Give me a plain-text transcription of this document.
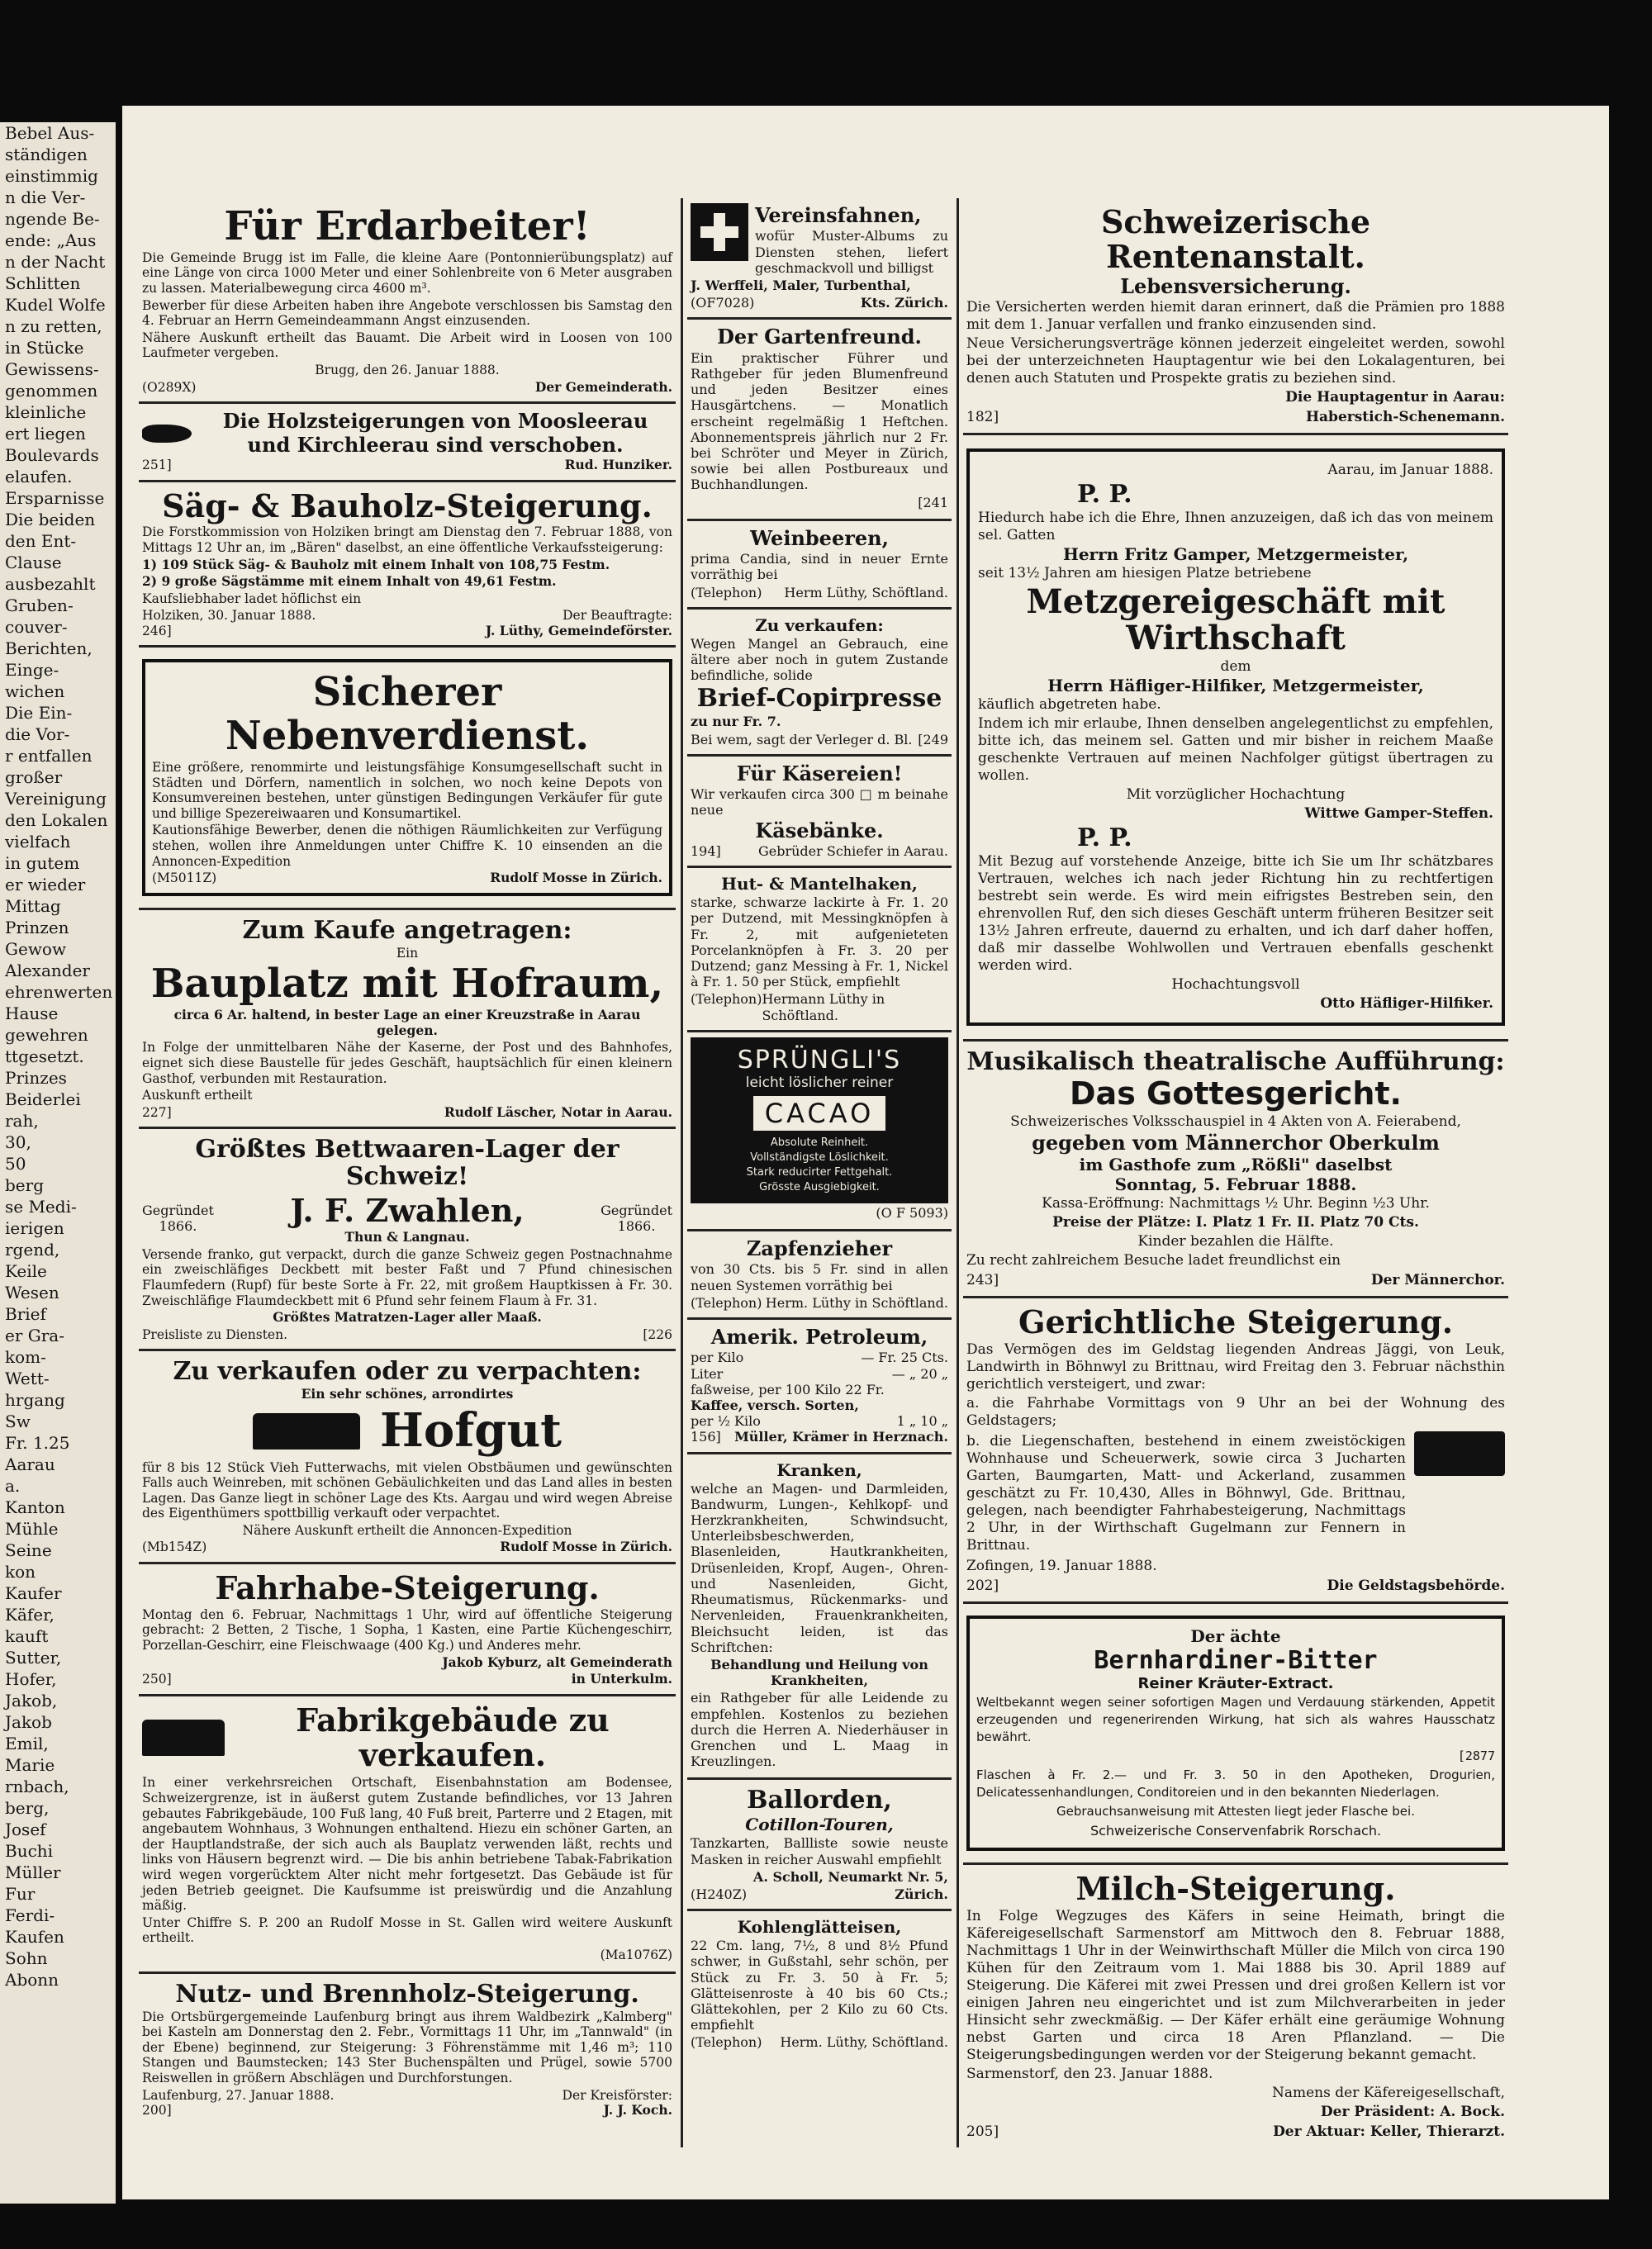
Bebel Aus-
ständigen
einstimmig
n die Ver-
ngende Be-
ende: „Aus
n der Nacht
Schlitten
Kudel Wolfe
n zu retten,
in Stücke
Gewissens-
genommen
kleinliche
ert liegen
Boulevards
elaufen.
Ersparnisse
Die beiden
den Ent-
Clause
ausbezahlt
Gruben-
couver-
Berichten,
Einge-
wichen
Die Ein-
die Vor-
r entfallen
großer
Vereinigung
den Lokalen
vielfach
in gutem
er wieder
Mittag
Prinzen
Gewow
Alexander
ehrenwerten
Hause
gewehren
ttgesetzt.
Prinzes
Beiderlei
rah,
30,
50
berg
se Medi-
ierigen
rgend,
Keile
Wesen
Brief
er Gra-
kom-
Wett-
hrgang
Sw
Fr. 1.25
Aarau
a.
Kanton
Mühle
Seine
kon
Kaufer
Käfer,
kauft
Sutter,
Hofer,
Jakob,
Jakob
Emil,
Marie
rnbach,
berg,
Josef
Buchi
Müller
Fur
Ferdi-
Kaufen
Sohn
Abonn
Für Erdarbeiter!

Die Gemeinde Brugg ist im Falle, die kleine Aare (Pontonnierübungsplatz) auf eine Länge von circa 1000 Meter und einer Sohlenbreite von 6 Meter ausgraben zu lassen. Materialbewegung circa 4600 m³.

Bewerber für diese Arbeiten haben ihre Angebote verschlossen bis Samstag den 4. Februar an Herrn Gemeindeammann Angst einzusenden.

Nähere Auskunft ertheilt das Bauamt. Die Arbeit wird in Loosen von 100 Laufmeter vergeben.

Brugg, den 26. Januar 1888.

(O289X)	Der Gemeinderath.
Die Holzsteigerungen von Moosleerau
und Kirchleerau sind verschoben.
251]	Rud. Hunziker.
Säg- & Bauholz-Steigerung.

Die Forstkommission von Holziken bringt am Dienstag den 7. Februar 1888, von Mittags 12 Uhr an, im „Bären" daselbst, an eine öffentliche Verkaufssteigerung:

1) 109 Stück Säg- & Bauholz mit einem Inhalt von 108,75 Festm.

2) 9 große Sägstämme mit einem Inhalt von 49,61 Festm.

Kaufsliebhaber ladet höflichst ein

Holziken, 30. Januar 1888.	Der Beauftragte:
246]	J. Lüthy, Gemeindeförster.
Sicherer Nebenverdienst.

Eine größere, renommirte und leistungsfähige Konsumgesellschaft sucht in Städten und Dörfern, namentlich in solchen, wo noch keine Depots von Konsumvereinen bestehen, unter günstigen Bedingungen Verkäufer für gute und billige Spezereiwaaren und Konsumartikel.

Kautionsfähige Bewerber, denen die nöthigen Räumlichkeiten zur Verfügung stehen, wollen ihre Anmeldungen unter Chiffre K. 10 einsenden an die Annoncen-Expedition

(M5011Z)	Rudolf Mosse in Zürich.
Zum Kaufe angetragen:

Ein

Bauplatz mit Hofraum,

circa 6 Ar. haltend, in bester Lage an einer Kreuzstraße in Aarau gelegen.

In Folge der unmittelbaren Nähe der Kaserne, der Post und des Bahnhofes, eignet sich diese Baustelle für jedes Geschäft, hauptsächlich für einen kleinern Gasthof, verbunden mit Restauration.

Auskunft ertheilt

227]	Rudolf Läscher, Notar in Aarau.
Größtes Bettwaaren-Lager der Schweiz!
Gegründet
1866.	J. F. Zwahlen,
Thun & Langnau.
Gegründet
1866.

Versende franko, gut verpackt, durch die ganze Schweiz gegen Postnachnahme ein zweischläfiges Deckbett mit bester Faßt und 7 Pfund chinesischen Flaumfedern (Rupf) für beste Sorte à Fr. 22, mit großem Hauptkissen à Fr. 30. Zweischläfige Flaumdeckbett mit 6 Pfund sehr feinem Flaum à Fr. 31.

Größtes Matratzen-Lager aller Maaß.

Preisliste zu Diensten.	[226
Zu verkaufen oder zu verpachten:

Ein sehr schönes, arrondirtes

Hofgut

für 8 bis 12 Stück Vieh Futterwachs, mit vielen Obstbäumen und gewünschten Falls auch Weinreben, mit schönen Gebäulichkeiten und das Land alles in besten Lagen. Das Ganze liegt in schöner Lage des Kts. Aargau und wird wegen Abreise des Eigenthümers spottbillig verkauft oder verpachtet.

Nähere Auskunft ertheilt die Annoncen-Expedition

(Mb154Z)	Rudolf Mosse in Zürich.
Fahrhabe-Steigerung.

Montag den 6. Februar, Nachmittags 1 Uhr, wird auf öffentliche Steigerung gebracht: 2 Betten, 2 Tische, 1 Sopha, 1 Kasten, eine Partie Küchengeschirr, Porzellan-Geschirr, eine Fleischwaage (400 Kg.) und Anderes mehr.

Jakob Kyburz, alt Gemeinderath

250]	in Unterkulm.
Fabrikgebäude zu verkaufen.

In einer verkehrsreichen Ortschaft, Eisenbahnstation am Bodensee, Schweizergrenze, ist in äußerst gutem Zustande befindliches, vor 13 Jahren gebautes Fabrikgebäude, 100 Fuß lang, 40 Fuß breit, Parterre und 2 Etagen, mit angebautem Wohnhaus, 3 Wohnungen enthaltend. Hiezu ein schöner Garten, an der Hauptlandstraße, der sich auch als Bauplatz verwenden läßt, rechts und links von Häusern begrenzt wird. — Die bis anhin betriebene Tabak-Fabrikation wird wegen vorgerücktem Alter nicht mehr fortgesetzt. Das Gebäude ist für jeden Betrieb geeignet. Die Kaufsumme ist preiswürdig und die Anzahlung mäßig.

Unter Chiffre S. P. 200 an Rudolf Mosse in St. Gallen wird weitere Auskunft ertheilt.

(Ma1076Z)

Nutz- und Brennholz-Steigerung.

Die Ortsbürgergemeinde Laufenburg bringt aus ihrem Waldbezirk „Kalmberg" bei Kasteln am Donnerstag den 2. Febr., Vormittags 11 Uhr, im „Tannwald" (in der Ebene) beginnend, zur Steigerung: 3 Föhrenstämme mit 1,46 m³; 110 Stangen und Baumstecken; 143 Ster Buchenspälten und Prügel, sowie 5700 Reiswellen in größern Abschlägen und Durchforstungen.

Laufenburg, 27. Januar 1888.	Der Kreisförster:
200]	J. J. Koch.
Vereinsfahnen,

wofür Muster-Albums zu Diensten stehen, liefert geschmackvoll und billigst

J. Werffeli, Maler, Turbenthal,

(OF7028)	Kts. Zürich.
Der Gartenfreund.

Ein praktischer Führer und Rathgeber für jeden Blumenfreund und jeden Besitzer eines Hausgärtchens. — Monatlich erscheint regelmäßig 1 Heftchen. Abonnementspreis jährlich nur 2 Fr. bei Schröter und Meyer in Zürich, sowie bei allen Postbureaux und Buchhandlungen.

[241

Weinbeeren,

prima Candia, sind in neuer Ernte vorräthig bei

(Telephon) Herm Lüthy, Schöftland.
Zu verkaufen:

Wegen Mangel an Gebrauch, eine ältere aber noch in gutem Zustande befindliche, solide

Brief-Copirpresse

zu nur Fr. 7.

Bei wem, sagt der Verleger d. Bl. [249
Für Käsereien!

Wir verkaufen circa 300 □ m beinahe neue

Käsebänke.
194]	Gebrüder Schiefer in Aarau.
Hut- & Mantelhaken,

starke, schwarze lackirte à Fr. 1. 20 per Dutzend, mit Messingknöpfen à Fr. 2, mit aufgenieteten Porcelanknöpfen à Fr. 3. 20 per Dutzend; ganz Messing à Fr. 1, Nickel à Fr. 1. 50 per Stück, empfiehlt

(Telephon) Hermann Lüthy in Schöftland.
SPRÜNGLI'S
leicht löslicher reiner
CACAO
Absolute Reinheit.
Vollständigste Löslichkeit.
Stark reducirter Fettgehalt.
Grösste Ausgiebigkeit.

(O F 5093)

Zapfenzieher

von 30 Cts. bis 5 Fr. sind in allen neuen Systemen vorräthig bei

(Telephon) Herm. Lüthy in Schöftland.
Amerik. Petroleum,
per Kilo	— Fr. 25 Cts.
Liter	— „ 20 „
faßweise, per 100 Kilo 22 Fr.
Kaffee, versch. Sorten,
per ½ Kilo	1 „ 10 „
156] Müller, Krämer in Herznach.
Kranken,

welche an Magen- und Darmleiden, Bandwurm, Lungen-, Kehlkopf- und Herzkrankheiten, Schwindsucht, Unterleibsbeschwerden, Blasenleiden, Hautkrankheiten, Drüsenleiden, Kropf, Augen-, Ohren- und Nasenleiden, Gicht, Rheumatismus, Rückenmarks- und Nervenleiden, Frauenkrankheiten, Bleichsucht leiden, ist das Schriftchen:

Behandlung und Heilung von Krankheiten,

ein Rathgeber für alle Leidende zu empfehlen. Kostenlos zu beziehen durch die Herren A. Niederhäuser in Grenchen und L. Maag in Kreuzlingen.

Ballorden,
Cotillon-Touren,

Tanzkarten, Ballliste sowie neuste Masken in reicher Auswahl empfiehlt

A. Scholl, Neumarkt Nr. 5,

(H240Z)	Zürich.
Kohlenglätteisen,

22 Cm. lang, 7½, 8 und 8½ Pfund schwer, in Gußstahl, sehr schön, per Stück zu Fr. 3. 50 à Fr. 5; Glätteisenroste à 40 bis 60 Cts.; Glättekohlen, per 2 Kilo zu 60 Cts. empfiehlt

(Telephon) Herm. Lüthy, Schöftland.
Schweizerische Rentenanstalt.
Lebensversicherung.

Die Versicherten werden hiemit daran erinnert, daß die Prämien pro 1888 mit dem 1. Januar verfallen und franko einzusenden sind.

Neue Versicherungsverträge können jederzeit eingeleitet werden, sowohl bei der unterzeichneten Hauptagentur wie bei den Lokalagenturen, bei denen auch Statuten und Prospekte gratis zu beziehen sind.

Die Hauptagentur in Aarau:

182]	Haberstich-Schenemann.

Aarau, im Januar 1888.

P. P.

Hiedurch habe ich die Ehre, Ihnen anzuzeigen, daß ich das von meinem sel. Gatten

Herrn Fritz Gamper, Metzgermeister,

seit 13½ Jahren am hiesigen Platze betriebene

Metzgereigeschäft mit Wirthschaft

dem

Herrn Häfliger-Hilfiker, Metzgermeister,

käuflich abgetreten habe.

Indem ich mir erlaube, Ihnen denselben angelegentlichst zu empfehlen, bitte ich, das meinem sel. Gatten und mir bisher in reichem Maaße geschenkte Vertrauen auf meinen Nachfolger gütigst übertragen zu wollen.

Mit vorzüglicher Hochachtung

Wittwe Gamper-Steffen.

P. P.

Mit Bezug auf vorstehende Anzeige, bitte ich Sie um Ihr schätzbares Vertrauen, welches ich nach jeder Richtung hin zu rechtfertigen bestrebt sein werde. Es wird mein eifrigstes Bestreben sein, den ehrenvollen Ruf, den sich dieses Geschäft unterm früheren Besitzer seit 13½ Jahren erfreute, dauernd zu erhalten, und ich darf daher hoffen, daß mir dasselbe Wohlwollen und Vertrauen ebenfalls geschenkt werden wird.

Hochachtungsvoll

Otto Häfliger-Hilfiker.

Musikalisch theatralische Aufführung:
Das Gottesgericht.

Schweizerisches Volksschauspiel in 4 Akten von A. Feierabend,

gegeben vom Männerchor Oberkulm
im Gasthofe zum „Rößli" daselbst
Sonntag, 5. Februar 1888.

Kassa-Eröffnung: Nachmittags ½ Uhr. Beginn ½3 Uhr.

Preise der Plätze: I. Platz 1 Fr. II. Platz 70 Cts.

Kinder bezahlen die Hälfte.

Zu recht zahlreichem Besuche ladet freundlichst ein

243]	Der Männerchor.
Gerichtliche Steigerung.

Das Vermögen des im Geldstag liegenden Andreas Jäggi, von Leuk, Landwirth in Böhnwyl zu Brittnau, wird Freitag den 3. Februar nächsthin gerichtlich versteigert, und zwar:

a. die Fahrhabe Vormittags von 9 Uhr an bei der Wohnung des Geldstagers;

b. die Liegenschaften, bestehend in einem zweistöckigen Wohnhause und Scheuerwerk, sowie circa 3 Jucharten Garten, Baumgarten, Matt- und Ackerland, zusammen geschätzt zu Fr. 10,430, Alles in Böhnwyl, Gde. Brittnau, gelegen, nach beendigter Fahrhabesteigerung, Nachmittags 2 Uhr, in der Wirthschaft Gugelmann zur Fennern in Brittnau.

Zofingen, 19. Januar 1888.

202]	Die Geldstagsbehörde.
Der ächte
Bernhardiner-Bitter
Reiner Kräuter-Extract.

Weltbekannt wegen seiner sofortigen Magen und Verdauung stärkenden, Appetit erzeugenden und regenerirenden Wirkung, hat sich als wahres Hausschatz bewährt.

[2877

Flaschen à Fr. 2.— und Fr. 3. 50 in den Apotheken, Drogurien, Delicatessenhandlungen, Conditoreien und in den bekannten Niederlagen.

Gebrauchsanweisung mit Attesten liegt jeder Flasche bei.

Schweizerische Conservenfabrik Rorschach.

Milch-Steigerung.

In Folge Wegzuges des Käfers in seine Heimath, bringt die Käfereigesellschaft Sarmenstorf am Mittwoch den 8. Februar 1888, Nachmittags 1 Uhr in der Weinwirthschaft Müller die Milch von circa 190 Kühen für den Zeitraum vom 1. Mai 1888 bis 30. April 1889 auf Steigerung. Die Käferei mit zwei Pressen und drei großen Kellern ist vor einigen Jahren neu eingerichtet und ist zum Milchverarbeiten in jeder Hinsicht sehr zweckmäßig. — Der Käfer erhält eine geräumige Wohnung nebst Garten und circa 18 Aren Pflanzland. — Die Steigerungsbedingungen werden vor der Steigerung bekannt gemacht.

Sarmenstorf, den 23. Januar 1888.

Namens der Käfereigesellschaft,

Der Präsident: A. Bock.

205]	Der Aktuar: Keller, Thierarzt.
